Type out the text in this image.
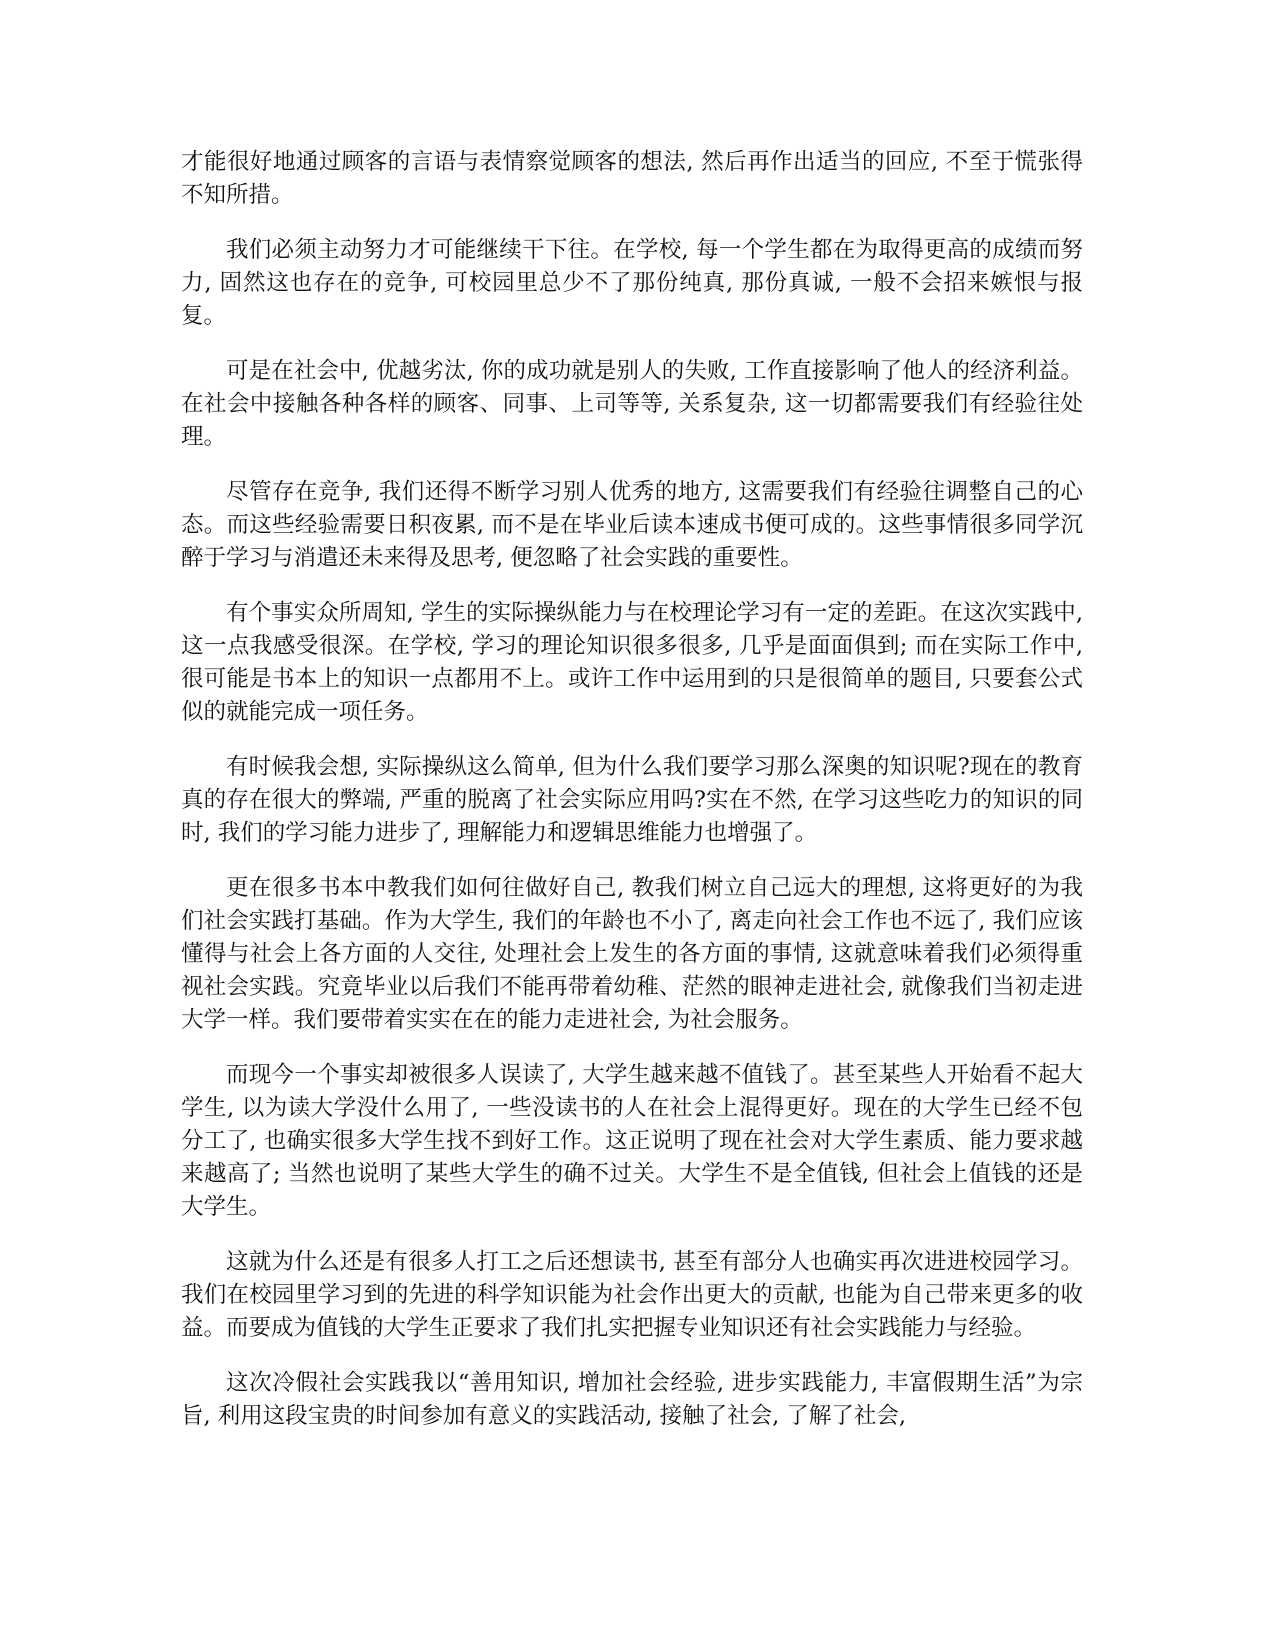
才能很好地通过顾客的言语与表情察觉顾客的想法, 然后再作出适当的回应, 不至于慌张得不知所措。

我们必须主动努力才可能继续干下往。在学校, 每一个学生都在为取得更高的成绩而努力, 固然这也存在的竞争, 可校园里总少不了那份纯真, 那份真诚, 一般不会招来嫉恨与报复。

可是在社会中, 优越劣汰, 你的成功就是别人的失败, 工作直接影响了他人的经济利益。在社会中接触各种各样的顾客、同事、上司等等, 关系复杂, 这一切都需要我们有经验往处理。

尽管存在竞争, 我们还得不断学习别人优秀的地方, 这需要我们有经验往调整自己的心态。而这些经验需要日积夜累, 而不是在毕业后读本速成书便可成的。这些事情很多同学沉醉于学习与消遣还未来得及思考, 便忽略了社会实践的重要性。

有个事实众所周知, 学生的实际操纵能力与在校理论学习有一定的差距。在这次实践中, 这一点我感受很深。在学校, 学习的理论知识很多很多, 几乎是面面俱到; 而在实际工作中, 很可能是书本上的知识一点都用不上。或许工作中运用到的只是很简单的题目, 只要套公式似的就能完成一项任务。

有时候我会想, 实际操纵这么简单, 但为什么我们要学习那么深奥的知识呢?现在的教育真的存在很大的弊端, 严重的脱离了社会实际应用吗?实在不然, 在学习这些吃力的知识的同时, 我们的学习能力进步了, 理解能力和逻辑思维能力也增强了。

更在很多书本中教我们如何往做好自己, 教我们树立自己远大的理想, 这将更好的为我们社会实践打基础。作为大学生, 我们的年龄也不小了, 离走向社会工作也不远了, 我们应该懂得与社会上各方面的人交往, 处理社会上发生的各方面的事情, 这就意味着我们必须得重视社会实践。究竟毕业以后我们不能再带着幼稚、茫然的眼神走进社会, 就像我们当初走进大学一样。我们要带着实实在在的能力走进社会, 为社会服务。

而现今一个事实却被很多人误读了, 大学生越来越不值钱了。甚至某些人开始看不起大学生, 以为读大学没什么用了, 一些没读书的人在社会上混得更好。现在的大学生已经不包分工了, 也确实很多大学生找不到好工作。这正说明了现在社会对大学生素质、能力要求越来越高了; 当然也说明了某些大学生的确不过关。大学生不是全值钱, 但社会上值钱的还是大学生。

这就为什么还是有很多人打工之后还想读书, 甚至有部分人也确实再次进进校园学习。我们在校园里学习到的先进的科学知识能为社会作出更大的贡献, 也能为自己带来更多的收益。而要成为值钱的大学生正要求了我们扎实把握专业知识还有社会实践能力与经验。

这次冷假社会实践我以“善用知识, 增加社会经验, 进步实践能力, 丰富假期生活”为宗旨, 利用这段宝贵的时间参加有意义的实践活动, 接触了社会, 了解了社会,
